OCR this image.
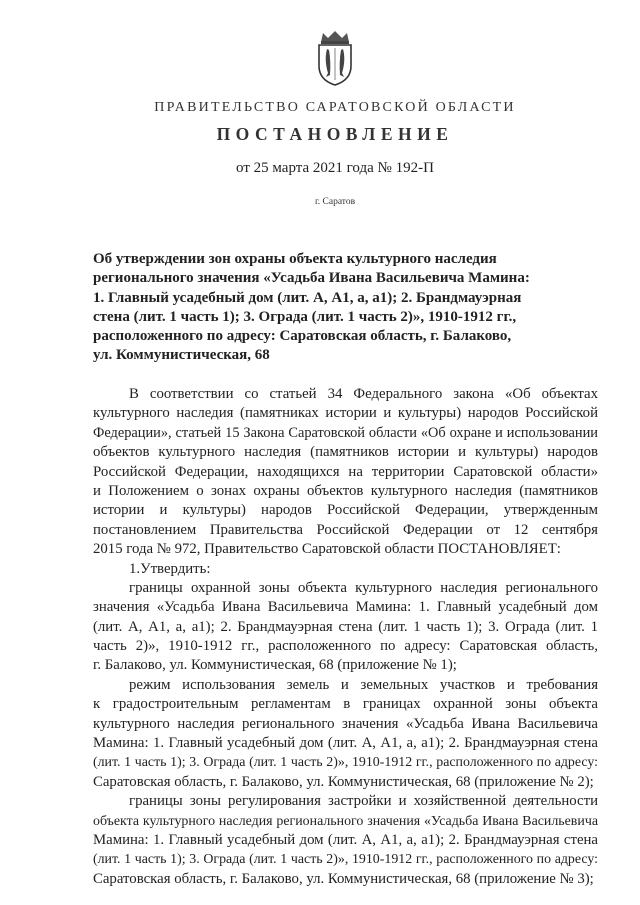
ПРАВИТЕЛЬСТВО САРАТОВСКОЙ ОБЛАСТИ
ПОСТАНОВЛЕНИЕ
от 25 марта 2021 года № 192-П
г. Саратов
Об утверждении зон охраны объекта культурного наследия
регионального значения «Усадьба Ивана Васильевича Мамина:
1. Главный усадебный дом (лит. А, А1, а, а1); 2. Брандмауэрная
стена (лит. 1 часть 1); 3. Ограда (лит. 1 часть 2)», 1910-1912 гг.,
расположенного по адресу: Саратовская область, г. Балаково,
ул. Коммунистическая, 68
В соответствии со статьей 34 Федерального закона «Об объектах
культурного наследия (памятниках истории и культуры) народов Российской
Федерации», статьей 15 Закона Саратовской области «Об охране и использовании
объектов культурного наследия (памятников истории и культуры) народов
Российской Федерации, находящихся на территории Саратовской области»
и Положением о зонах охраны объектов культурного наследия (памятников
истории и культуры) народов Российской Федерации, утвержденным
постановлением Правительства Российской Федерации от 12 сентября
2015 года № 972, Правительство Саратовской области ПОСТАНОВЛЯЕТ:
1.Утвердить:
границы охранной зоны объекта культурного наследия регионального
значения «Усадьба Ивана Васильевича Мамина: 1. Главный усадебный дом
(лит. А, А1, а, а1); 2. Брандмауэрная стена (лит. 1 часть 1); 3. Ограда (лит. 1
часть 2)», 1910-1912 гг., расположенного по адресу: Саратовская область,
г. Балаково, ул. Коммунистическая, 68 (приложение № 1);
режим использования земель и земельных участков и требования
к градостроительным регламентам в границах охранной зоны объекта
культурного наследия регионального значения «Усадьба Ивана Васильевича
Мамина: 1. Главный усадебный дом (лит. А, А1, а, а1); 2. Брандмауэрная стена
(лит. 1 часть 1); 3. Ограда (лит. 1 часть 2)», 1910-1912 гг., расположенного по адресу:
Саратовская область, г. Балаково, ул. Коммунистическая, 68 (приложение № 2);
границы зоны регулирования застройки и хозяйственной деятельности
объекта культурного наследия регионального значения «Усадьба Ивана Васильевича
Мамина: 1. Главный усадебный дом (лит. А, А1, а, а1); 2. Брандмауэрная стена
(лит. 1 часть 1); 3. Ограда (лит. 1 часть 2)», 1910-1912 гг., расположенного по адресу:
Саратовская область, г. Балаково, ул. Коммунистическая, 68 (приложение № 3);
